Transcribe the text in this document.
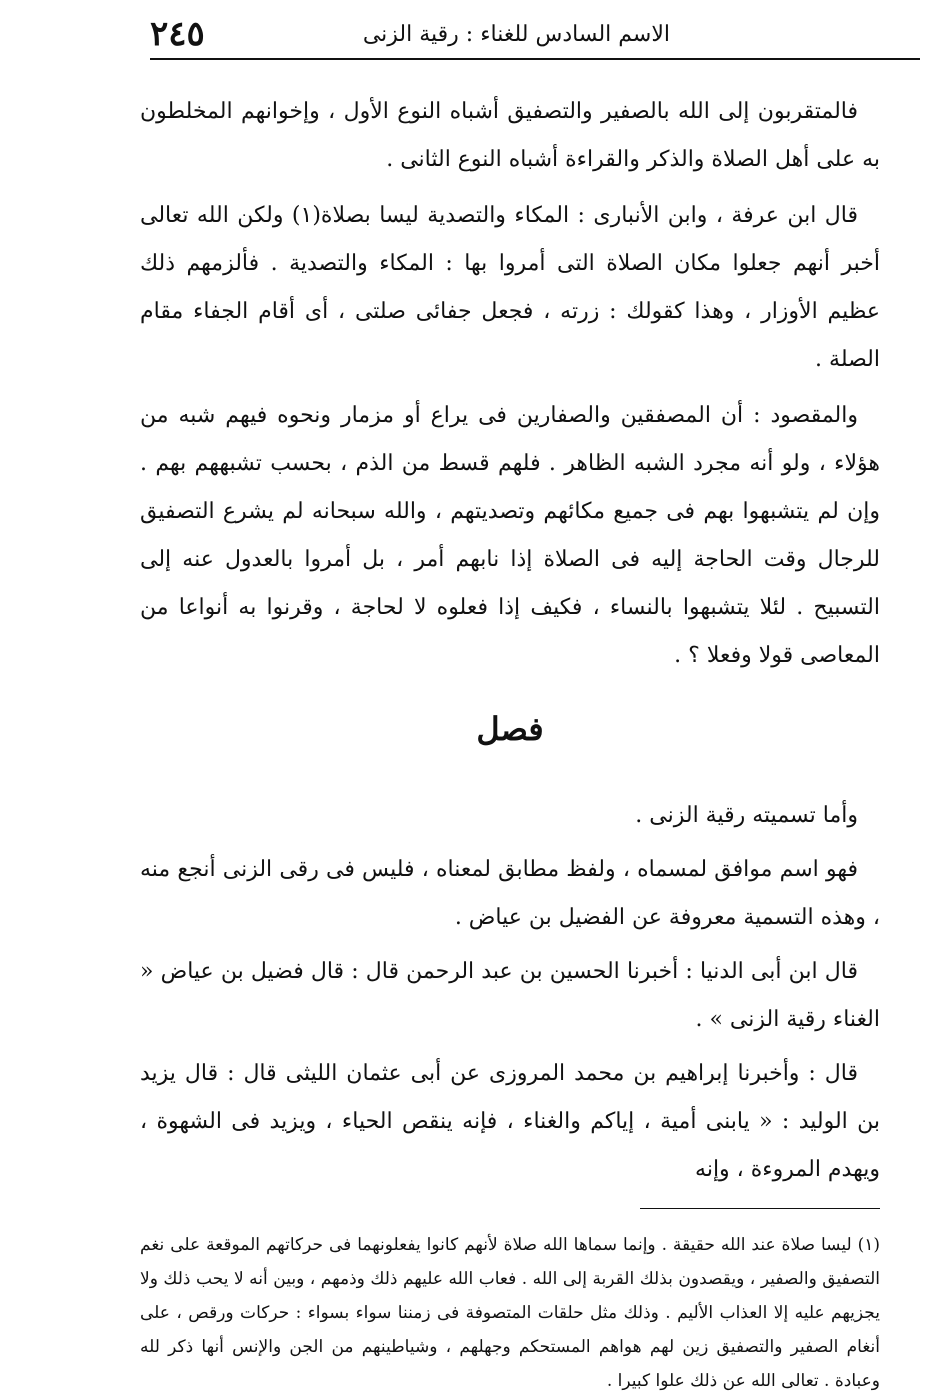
الاسم السادس للغناء : رقية الزنى
٢٤٥

فالمتقربون إلى الله بالصفير والتصفيق أشباه النوع الأول ، وإخوانهم المخلطون به على أهل الصلاة والذكر والقراءة أشباه النوع الثانى .

قال ابن عرفة ، وابن الأنبارى : المكاء والتصدية ليسا بصلاة(١) ولكن الله تعالى أخبر أنهم جعلوا مكان الصلاة التى أمروا بها : المكاء والتصدية . فألزمهم ذلك عظيم الأوزار ، وهذا كقولك : زرته ، فجعل جفائى صلتى ، أى أقام الجفاء مقام الصلة .

والمقصود : أن المصفقين والصفارين فى يراع أو مزمار ونحوه فيهم شبه من هؤلاء ، ولو أنه مجرد الشبه الظاهر . فلهم قسط من الذم ، بحسب تشبههم بهم . وإن لم يتشبهوا بهم فى جميع مكائهم وتصديتهم ، والله سبحانه لم يشرع التصفيق للرجال وقت الحاجة إليه فى الصلاة إذا نابهم أمر ، بل أمروا بالعدول عنه إلى التسبيح . لئلا يتشبهوا بالنساء ، فكيف إذا فعلوه لا لحاجة ، وقرنوا به أنواعا من المعاصى قولا وفعلا ؟ .

فصل

وأما تسميته رقية الزنى .

فهو اسم موافق لمسماه ، ولفظ مطابق لمعناه ، فليس فى رقى الزنى أنجع منه ، وهذه التسمية معروفة عن الفضيل بن عياض .

قال ابن أبى الدنيا : أخبرنا الحسين بن عبد الرحمن قال : قال فضيل بن عياض « الغناء رقية الزنى » .

قال : وأخبرنا إبراهيم بن محمد المروزى عن أبى عثمان الليثى قال : قال يزيد بن الوليد : « يابنى أمية ، إياكم والغناء ، فإنه ينقص الحياء ، ويزيد فى الشهوة ، ويهدم المروءة ، وإنه

(١) ليسا صلاة عند الله حقيقة . وإنما سماها الله صلاة لأنهم كانوا يفعلونهما فى حركاتهم الموقعة على نغم التصفيق والصفير ، ويقصدون بذلك القربة إلى الله . فعاب الله عليهم ذلك وذمهم ، وبين أنه لا يحب ذلك ولا يجزيهم عليه إلا العذاب الأليم . وذلك مثل حلقات المتصوفة فى زمننا سواء بسواء : حركات ورقص ، على أنغام الصفير والتصفيق زين لهم هواهم المستحكم وجهلهم ، وشياطينهم من الجن والإنس أنها ذكر لله وعبادة . تعالى الله عن ذلك علوا كبيرا .
